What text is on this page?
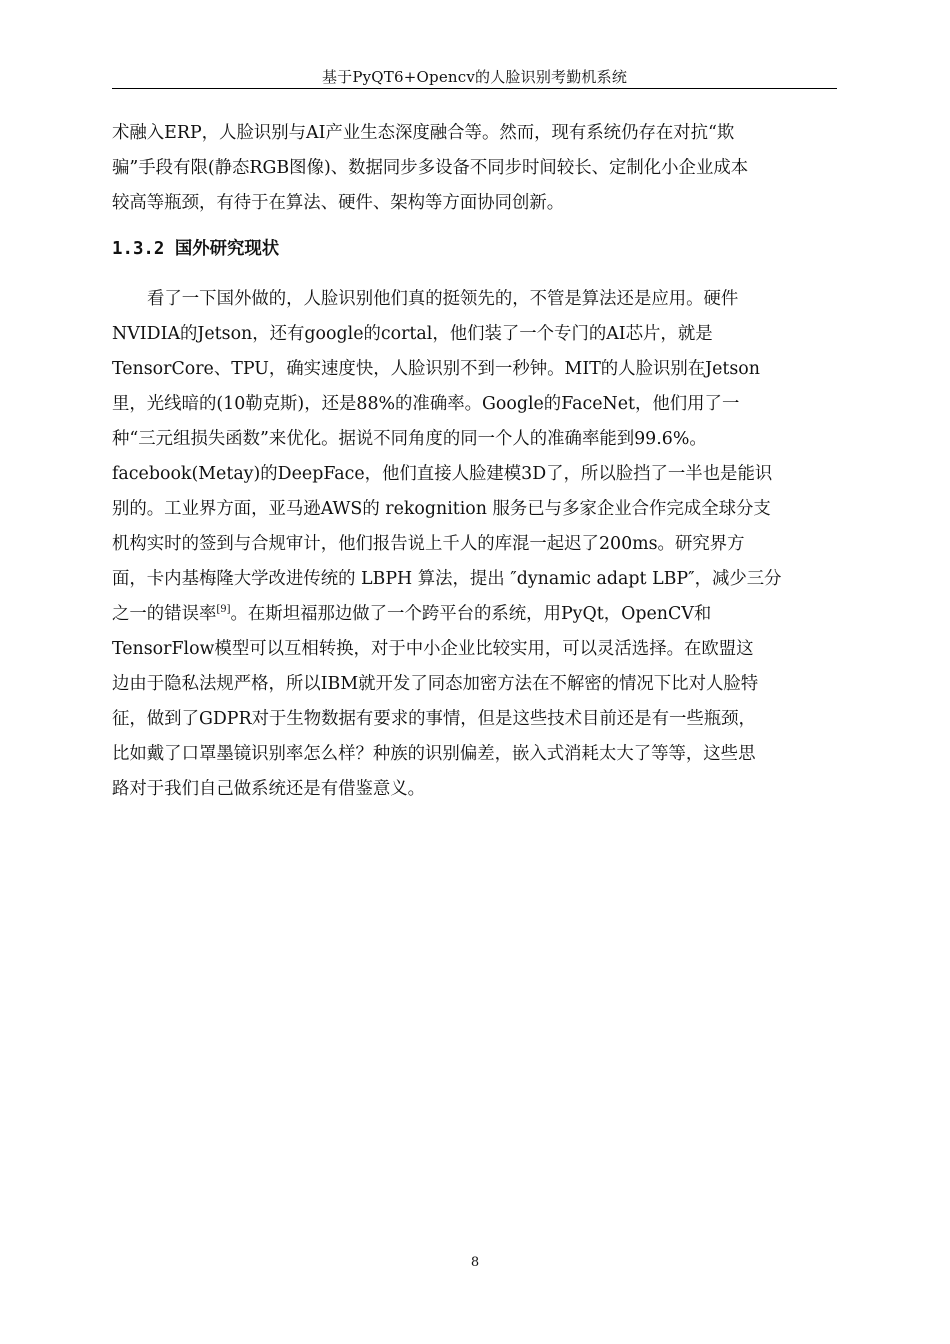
基于PyQT6+Opencv的人脸识别考勤机系统
术融入ERP，人脸识别与AI产业生态深度融合等。然而，现有系统仍存在对抗“欺
骗”手段有限(静态RGB图像)、数据同步多设备不同步时间较长、定制化小企业成本
较高等瓶颈，有待于在算法、硬件、架构等方面协同创新。
1.3.2 国外研究现状
看了一下国外做的，人脸识别他们真的挺领先的，不管是算法还是应用。硬件
NVIDIA的Jetson，还有google的cortal，他们装了一个专门的AI芯片，就是
TensorCore、TPU，确实速度快，人脸识别不到一秒钟。MIT的人脸识别在Jetson
里，光线暗的(10勒克斯)，还是88%的准确率。Google的FaceNet，他们用了一
种“三元组损失函数”来优化。据说不同角度的同一个人的准确率能到99.6%。
facebook(Metay)的DeepFace，他们直接人脸建模3D了，所以脸挡了一半也是能识
别的。工业界方面，亚马逊AWS的 rekognition 服务已与多家企业合作完成全球分支
机构实时的签到与合规审计，他们报告说上千人的库混一起迟了200ms。研究界方
面，卡内基梅隆大学改进传统的 LBPH 算法，提出 ″dynamic adapt LBP″，减少三分
之一的错误率[9]。在斯坦福那边做了一个跨平台的系统，用PyQt，OpenCV和
TensorFlow模型可以互相转换，对于中小企业比较实用，可以灵活选择。在欧盟这
边由于隐私法规严格，所以IBM就开发了同态加密方法在不解密的情况下比对人脸特
征，做到了GDPR对于生物数据有要求的事情，但是这些技术目前还是有一些瓶颈，
比如戴了口罩墨镜识别率怎么样？种族的识别偏差，嵌入式消耗太大了等等，这些思
路对于我们自己做系统还是有借鉴意义。
8
